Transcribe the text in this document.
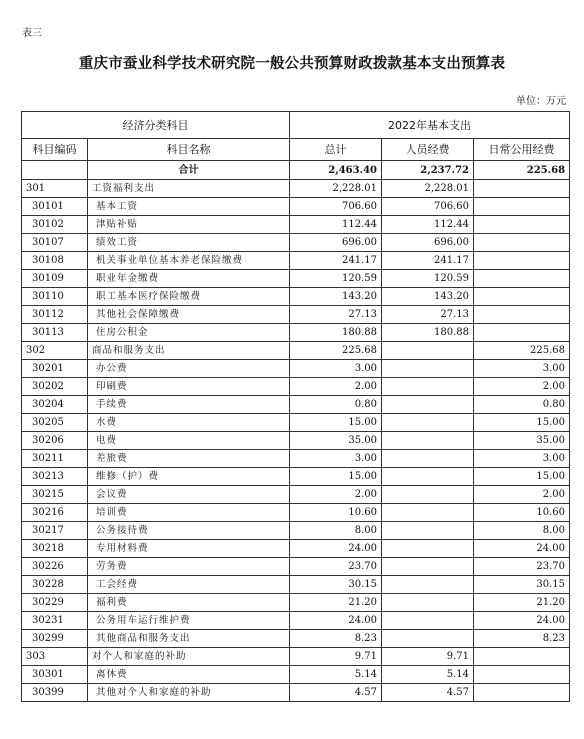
表三
重庆市蚕业科学技术研究院一般公共预算财政拨款基本支出预算表
单位：万元
经济分类科目		2022年基本支出		
科目编码	科目名称	总计	人员经费	日常公用经费
	合计	2,463.40	2,237.72	225.68
301	工资福利支出	2,228.01	2,228.01	
30101	基本工资	706.60	706.60	
30102	津贴补贴	112.44	112.44	
30107	绩效工资	696.00	696.00	
30108	机关事业单位基本养老保险缴费	241.17	241.17	
30109	职业年金缴费	120.59	120.59	
30110	职工基本医疗保险缴费	143.20	143.20	
30112	其他社会保障缴费	27.13	27.13	
30113	住房公积金	180.88	180.88	
302	商品和服务支出	225.68		225.68
30201	办公费	3.00		3.00
30202	印刷费	2.00		2.00
30204	手续费	0.80		0.80
30205	水费	15.00		15.00
30206	电费	35.00		35.00
30211	差旅费	3.00		3.00
30213	维修（护）费	15.00		15.00
30215	会议费	2.00		2.00
30216	培训费	10.60		10.60
30217	公务接待费	8.00		8.00
30218	专用材料费	24.00		24.00
30226	劳务费	23.70		23.70
30228	工会经费	30.15		30.15
30229	福利费	21.20		21.20
30231	公务用车运行维护费	24.00		24.00
30299	其他商品和服务支出	8.23		8.23
303	对个人和家庭的补助	9.71	9.71	
30301	离休费	5.14	5.14	
30399	其他对个人和家庭的补助	4.57	4.57	
